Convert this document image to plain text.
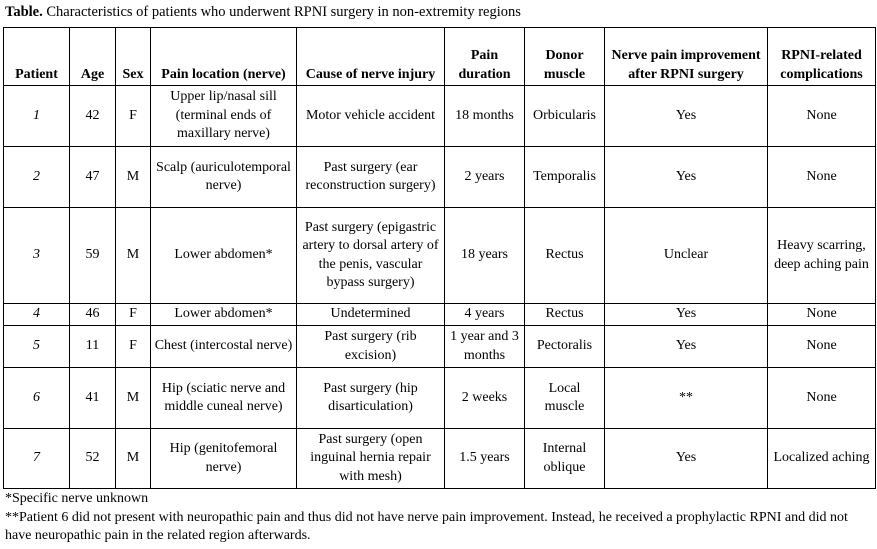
Table. Characteristics of patients who underwent RPNI surgery in non-extremity regions
Patient	Age	Sex	Pain location (nerve)	Cause of nerve injury	Pain duration	Donor muscle	Nerve pain improvement after RPNI surgery	RPNI-related complications
1	42	F	Upper lip/nasal sill (terminal ends of maxillary nerve)	Motor vehicle accident	18 months	Orbicularis	Yes	None
2	47	M	Scalp (auriculotemporal nerve)	Past surgery (ear reconstruction surgery)	2 years	Temporalis	Yes	None
3	59	M	Lower abdomen*	Past surgery (epigastric artery to dorsal artery of the penis, vascular bypass surgery)	18 years	Rectus	Unclear	Heavy scarring, deep aching pain
4	46	F	Lower abdomen*	Undetermined	4 years	Rectus	Yes	None
5	11	F	Chest (intercostal nerve)	Past surgery (rib excision)	1 year and 3 months	Pectoralis	Yes	None
6	41	M	Hip (sciatic nerve and middle cuneal nerve)	Past surgery (hip disarticulation)	2 weeks	Local muscle	**	None
7	52	M	Hip (genitofemoral nerve)	Past surgery (open inguinal hernia repair with mesh)	1.5 years	Internal oblique	Yes	Localized aching
*Specific nerve unknown
**Patient 6 did not present with neuropathic pain and thus did not have nerve pain improvement. Instead, he received a prophylactic RPNI and did not have neuropathic pain in the related region afterwards.
